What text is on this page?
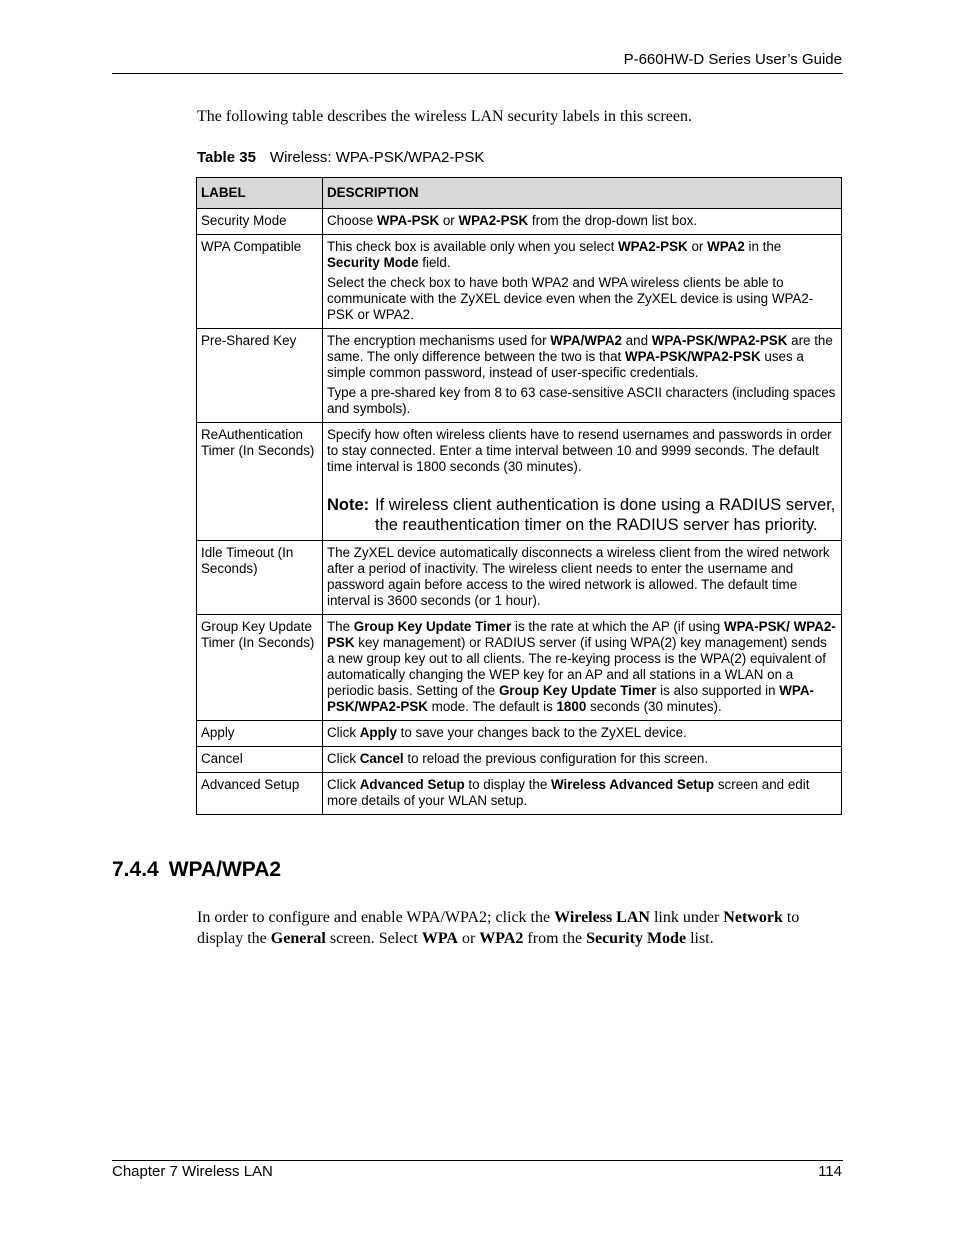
P-660HW-D Series User’s Guide
The following table describes the wireless LAN security labels in this screen.
Table 35 Wireless: WPA-PSK/WPA2-PSK
LABEL	DESCRIPTION
Security Mode	Choose WPA-PSK or WPA2-PSK from the drop-down list box.

WPA Compatible	This check box is available only when you select WPA2-PSK or WPA2 in the Security Mode field.

Select the check box to have both WPA2 and WPA wireless clients be able to communicate with the ZyXEL device even when the ZyXEL device is using WPA2-PSK or WPA2.

Pre-Shared Key	The encryption mechanisms used for WPA/WPA2 and WPA-PSK/WPA2-PSK are the same. The only difference between the two is that WPA-PSK/WPA2-PSK uses a simple common password, instead of user-specific credentials.

Type a pre-shared key from 8 to 63 case-sensitive ASCII characters (including spaces and symbols).

ReAuthentication Timer (In Seconds)	Specify how often wireless clients have to resend usernames and passwords in order to stay connected. Enter a time interval between 10 and 9999 seconds. The default time interval is 1800 seconds (30 minutes).

Note: If wireless client authentication is done using a RADIUS server, the reauthentication timer on the RADIUS server has priority.

Idle Timeout (In Seconds)	The ZyXEL device automatically disconnects a wireless client from the wired network after a period of inactivity. The wireless client needs to enter the username and password again before access to the wired network is allowed. The default time interval is 3600 seconds (or 1 hour).

Group Key Update Timer (In Seconds)	The Group Key Update Timer is the rate at which the AP (if using WPA-PSK/ WPA2-PSK key management) or RADIUS server (if using WPA(2) key management) sends a new group key out to all clients. The re-keying process is the WPA(2) equivalent of automatically changing the WEP key for an AP and all stations in a WLAN on a periodic basis. Setting of the Group Key Update Timer is also supported in WPA-PSK/WPA2-PSK mode. The default is 1800 seconds (30 minutes).

Apply	Click Apply to save your changes back to the ZyXEL device.

Cancel	Click Cancel to reload the previous configuration for this screen.

Advanced Setup	Click Advanced Setup to display the Wireless Advanced Setup screen and edit more details of your WLAN setup.

7.4.4 WPA/WPA2
In order to configure and enable WPA/WPA2; click the Wireless LAN link under Network to display the General screen. Select WPA or WPA2 from the Security Mode list.
Chapter 7 Wireless LAN	114
